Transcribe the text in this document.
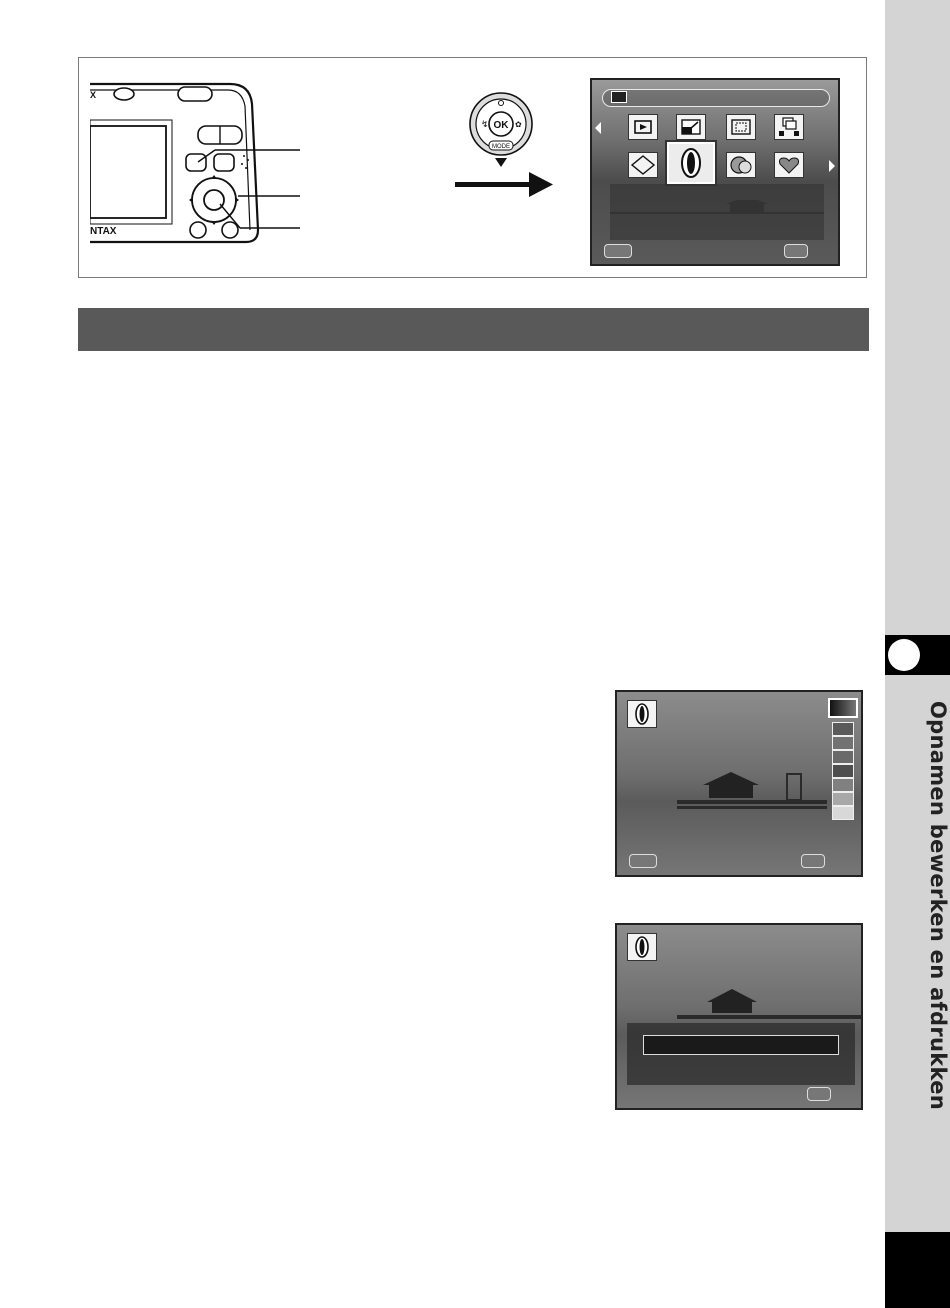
Opnamen bewerken en afdrukken
X
NTAX
OK
MODE
↯	✿
